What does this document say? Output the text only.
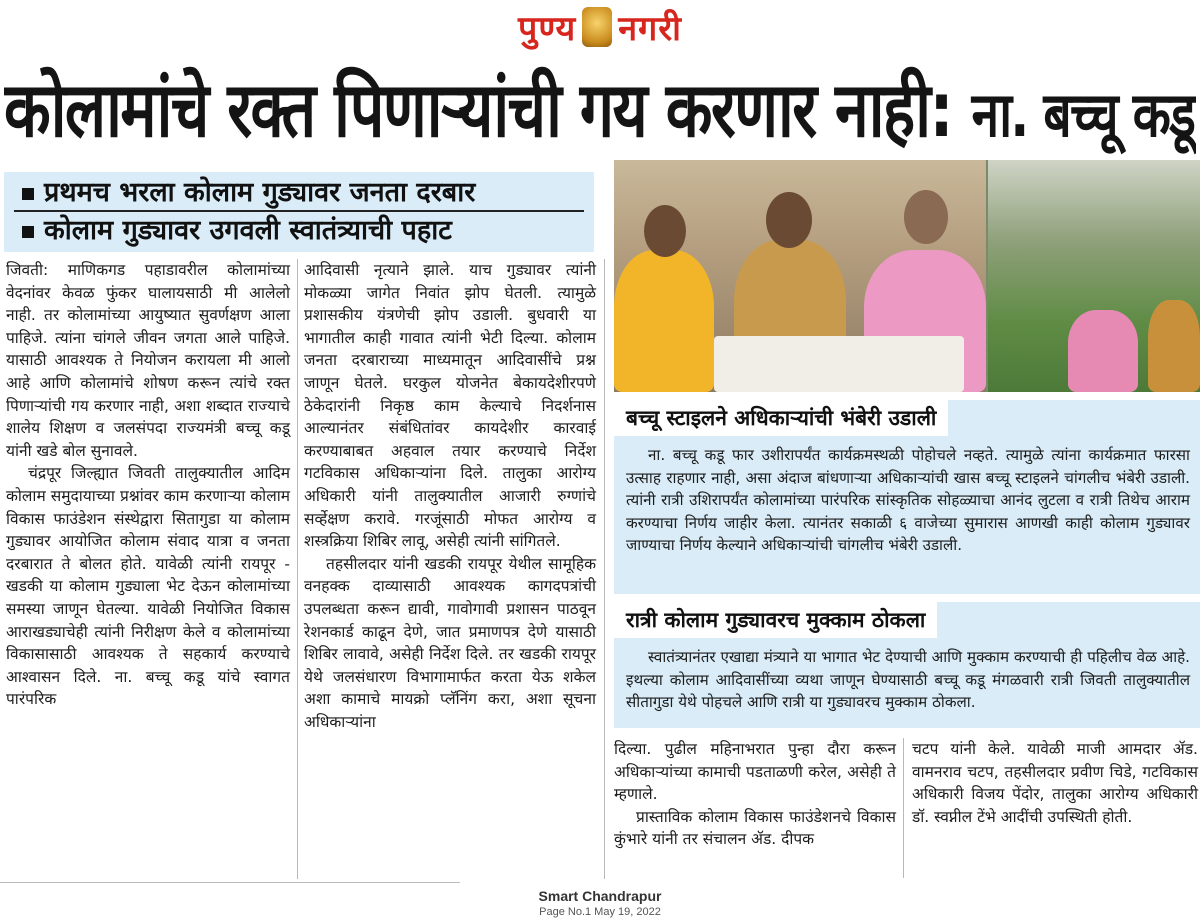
पुण्य नगरी
कोलामांचे रक्त पिणाऱ्यांची गय करणार नाही: ना. बच्चू कडू
प्रथमच भरला कोलाम गुड्यावर जनता दरबार
कोलाम गुड्यावर उगवली स्वातंत्र्याची पहाट

जिवती: माणिकगड पहाडावरील कोलामांच्या वेदनांवर केवळ फुंकर घालायसाठी मी आलेलो नाही. तर कोलामांच्या आयुष्यात सुवर्णक्षण आला पाहिजे. त्यांना चांगले जीवन जगता आले पाहिजे. यासाठी आवश्यक ते नियोजन करायला मी आलो आहे आणि कोलामांचे शोषण करून त्यांचे रक्त पिणाऱ्यांची गय करणार नाही, अशा शब्दात राज्याचे शालेय शिक्षण व जलसंपदा राज्यमंत्री बच्चू कडू यांनी खडे बोल सुनावले.

चंद्रपूर जिल्ह्यात जिवती तालुक्यातील आदिम कोलाम समुदायाच्या प्रश्नांवर काम करणाऱ्या कोलाम विकास फाउंडेशन संस्थेद्वारा सितागुडा या कोलाम गुड्यावर आयोजित कोलाम संवाद यात्रा व जनता दरबारात ते बोलत होते. यावेळी त्यांनी रायपूर - खडकी या कोलाम गुड्याला भेट देऊन कोलामांच्या समस्या जाणून घेतल्या. यावेळी नियोजित विकास आराखड्याचेही त्यांनी निरीक्षण केले व कोलामांच्या विकासासाठी आवश्यक ते सहकार्य करण्याचे आश्वासन दिले. ना. बच्चू कडू यांचे स्वागत पारंपरिक

आदिवासी नृत्याने झाले. याच गुड्यावर त्यांनी मोकळ्या जागेत निवांत झोप घेतली. त्यामुळे प्रशासकीय यंत्रणेची झोप उडाली. बुधवारी या भागातील काही गावात त्यांनी भेटी दिल्या. कोलाम जनता दरबाराच्या माध्यमातून आदिवासींचे प्रश्न जाणून घेतले. घरकुल योजनेत बेकायदेशीरपणे ठेकेदारांनी निकृष्ठ काम केल्याचे निदर्शनास आल्यानंतर संबंधितांवर कायदेशीर कारवाई करण्याबाबत अहवाल तयार करण्याचे निर्देश गटविकास अधिकाऱ्यांना दिले. तालुका आरोग्य अधिकारी यांनी तालुक्यातील आजारी रुग्णांचे सर्व्हेक्षण करावे. गरजूंसाठी मोफत आरोग्य व शस्त्रक्रिया शिबिर लावू, असेही त्यांनी सांगितले.

तहसीलदार यांनी खडकी रायपूर येथील सामूहिक वनहक्क दाव्यासाठी आवश्यक कागदपत्रांची उपलब्धता करून द्यावी, गावोगावी प्रशासन पाठवून रेशनकार्ड काढून देणे, जात प्रमाणपत्र देणे यासाठी शिबिर लावावे, असेही निर्देश दिले. तर खडकी रायपूर येथे जलसंधारण विभागामार्फत करता येऊ शकेल अशा कामाचे मायक्रो प्लॅनिंग करा, अशा सूचना अधिकाऱ्यांना

बच्चू स्टाइलने अधिकाऱ्यांची भंबेरी उडाली
ना. बच्चू कडू फार उशीरापर्यंत कार्यक्रमस्थळी पोहोचले नव्हते. त्यामुळे त्यांना कार्यक्रमात फारसा उत्साह राहणार नाही, असा अंदाज बांधणाऱ्या अधिकाऱ्यांची खास बच्चू स्टाइलने चांगलीच भंबेरी उडाली. त्यांनी रात्री उशिरापर्यंत कोलामांच्या पारंपरिक सांस्कृतिक सोहळ्याचा आनंद लुटला व रात्री तिथेच आराम करण्याचा निर्णय जाहीर केला. त्यानंतर सकाळी ६ वाजेच्या सुमारास आणखी काही कोलाम गुड्यावर जाण्याचा निर्णय केल्याने अधिकाऱ्यांची चांगलीच भंबेरी उडाली.
रात्री कोलाम गुड्यावरच मुक्काम ठोकला
स्वातंत्र्यानंतर एखाद्या मंत्र्याने या भागात भेट देण्याची आणि मुक्काम करण्याची ही पहिलीच वेळ आहे. इथल्या कोलाम आदिवासींच्या व्यथा जाणून घेण्यासाठी बच्चू कडू मंगळवारी रात्री जिवती तालुक्यातील सीतागुडा येथे पोहचले आणि रात्री या गुड्यावरच मुक्काम ठोकला.

दिल्या. पुढील महिनाभरात पुन्हा दौरा करून अधिकाऱ्यांच्या कामाची पडताळणी करेल, असेही ते म्हणाले.

प्रास्ताविक कोलाम विकास फाउंडेशनचे विकास कुंभारे यांनी तर संचालन ॲड. दीपक

चटप यांनी केले. यावेळी माजी आमदार ॲड. वामनराव चटप, तहसीलदार प्रवीण चिडे, गटविकास अधिकारी विजय पेंदोर, तालुका आरोग्य अधिकारी डॉ. स्वप्नील टेंभे आदींची उपस्थिती होती.

Smart Chandrapur
Page No.1 May 19, 2022
